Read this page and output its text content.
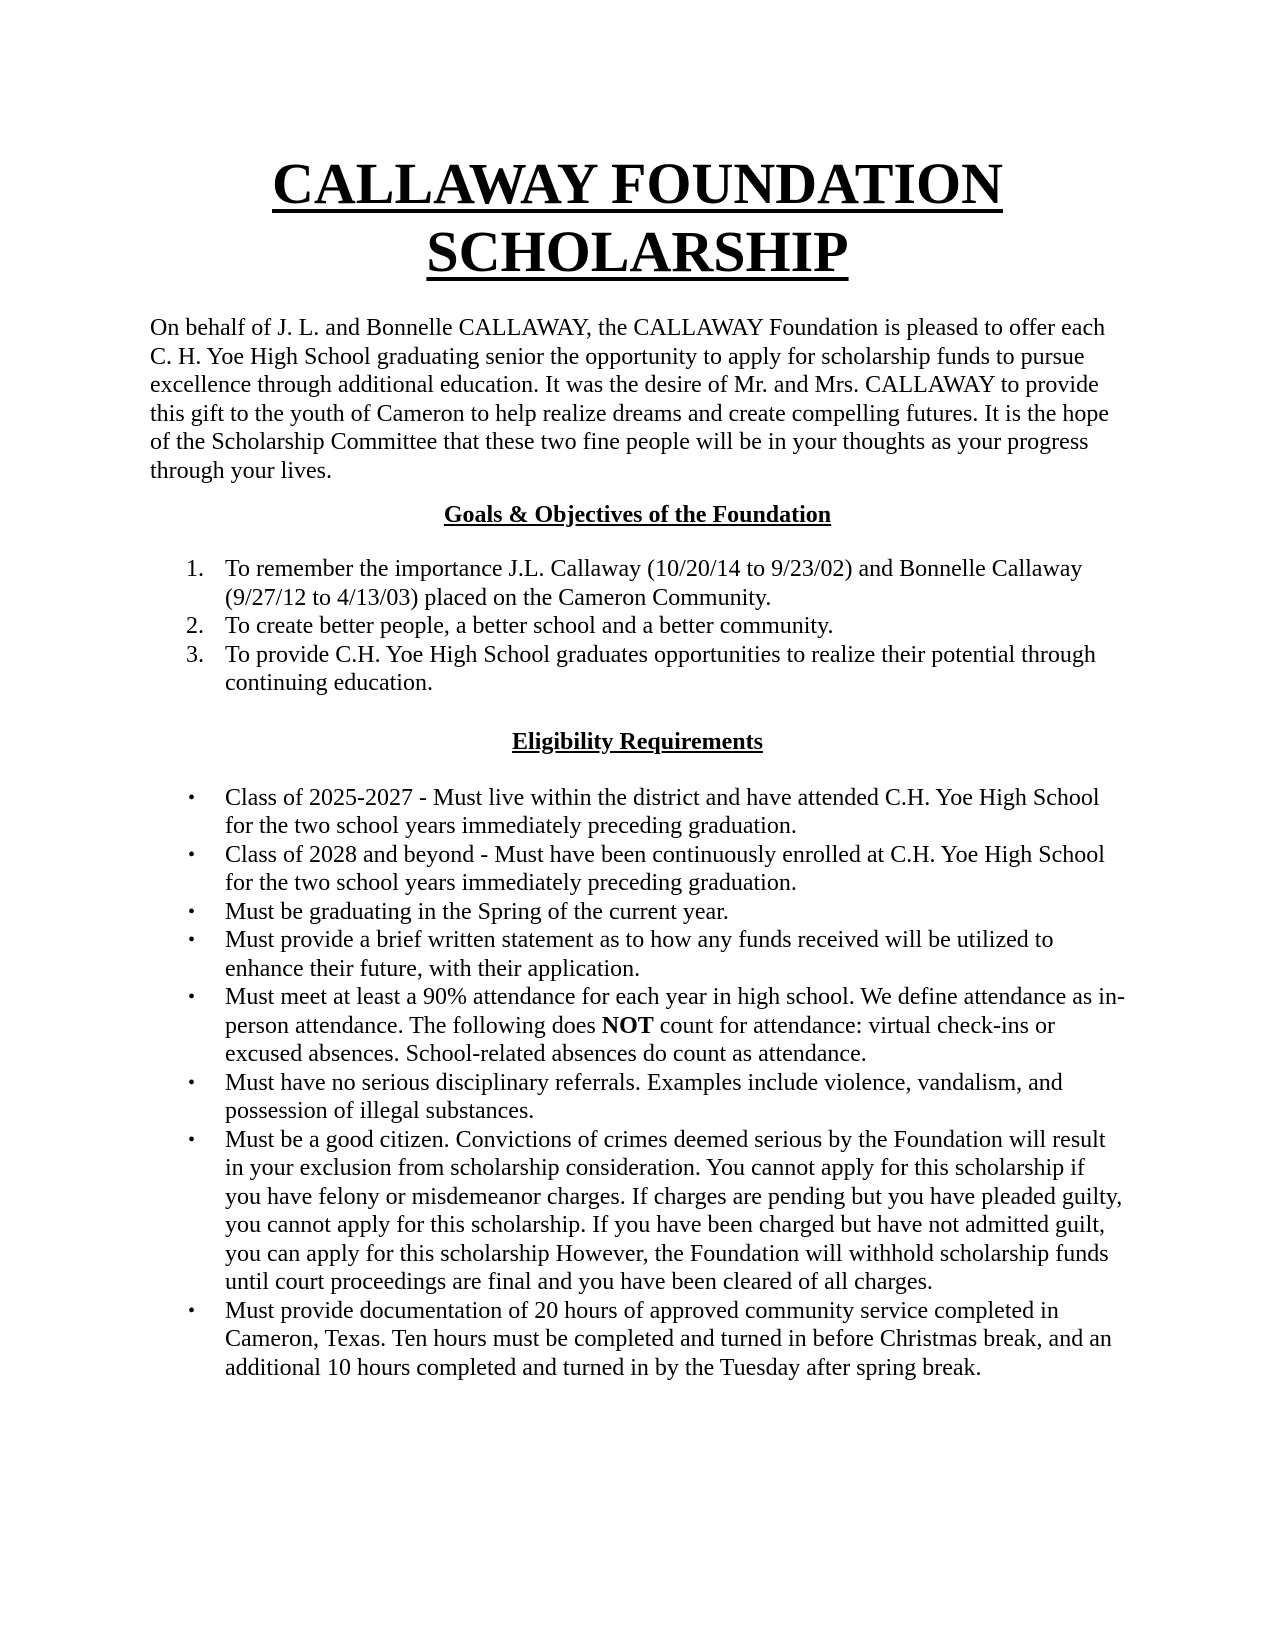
CALLAWAY FOUNDATION
SCHOLARSHIP

On behalf of J. L. and Bonnelle CALLAWAY, the CALLAWAY Foundation is pleased to offer each C. H. Yoe High School graduating senior the opportunity to apply for scholarship funds to pursue excellence through additional education. It was the desire of Mr. and Mrs. CALLAWAY to provide this gift to the youth of Cameron to help realize dreams and create compelling futures. It is the hope of the Scholarship Committee that these two fine people will be in your thoughts as your progress through your lives.

Goals & Objectives of the Foundation
1. To remember the importance J.L. Callaway (10/20/14 to 9/23/02) and Bonnelle Callaway (9/27/12 to 4/13/03) placed on the Cameron Community.
2. To create better people, a better school and a better community.
3. To provide C.H. Yoe High School graduates opportunities to realize their potential through continuing education.
Eligibility Requirements
• Class of 2025-2027 - Must live within the district and have attended C.H. Yoe High School for the two school years immediately preceding graduation.
• Class of 2028 and beyond - Must have been continuously enrolled at C.H. Yoe High School for the two school years immediately preceding graduation.
• Must be graduating in the Spring of the current year.
• Must provide a brief written statement as to how any funds received will be utilized to enhance their future, with their application.
• Must meet at least a 90% attendance for each year in high school. We define attendance as in-person attendance. The following does NOT count for attendance: virtual check-ins or excused absences. School-related absences do count as attendance.
• Must have no serious disciplinary referrals. Examples include violence, vandalism, and possession of illegal substances.
• Must be a good citizen. Convictions of crimes deemed serious by the Foundation will result in your exclusion from scholarship consideration. You cannot apply for this scholarship if you have felony or misdemeanor charges. If charges are pending but you have pleaded guilty, you cannot apply for this scholarship. If you have been charged but have not admitted guilt, you can apply for this scholarship However, the Foundation will withhold scholarship funds until court proceedings are final and you have been cleared of all charges.
• Must provide documentation of 20 hours of approved community service completed in Cameron, Texas. Ten hours must be completed and turned in before Christmas break, and an additional 10 hours completed and turned in by the Tuesday after spring break.
